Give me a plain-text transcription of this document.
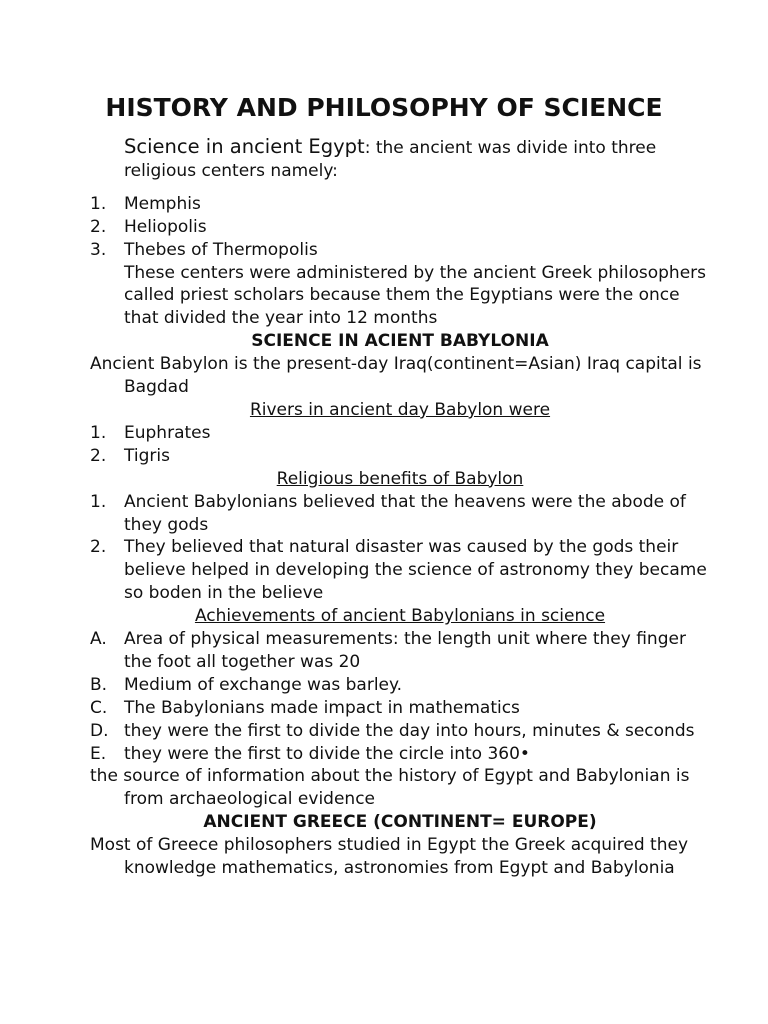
HISTORY AND PHILOSOPHY OF SCIENCE
Science in ancient Egypt: the ancient was divide into three religious centers namely:
1.	Memphis
2.	Heliopolis
3.	Thebes of Thermopolis
These centers were administered by the ancient Greek philosophers called priest scholars because them the Egyptians were the once that divided the year into 12 months
SCIENCE IN ACIENT BABYLONIA
Ancient Babylon is the present-day Iraq(continent=Asian) Iraq capital is Bagdad
Rivers in ancient day Babylon were
1.	Euphrates
2.	Tigris
Religious benefits of Babylon
1.	Ancient Babylonians believed that the heavens were the abode of they gods
2.	They believed that natural disaster was caused by the gods their believe helped in developing the science of astronomy they became so boden in the believe
Achievements of ancient Babylonians in science
A.	Area of physical measurements: the length unit where they finger the foot all together was 20
B. Medium of exchange was barley.
C. The Babylonians made impact in mathematics
D. they were the first to divide the day into hours, minutes & seconds
E.	they were the first to divide the circle into 360•
the source of information about the history of Egypt and Babylonian is from archaeological evidence
ANCIENT GREECE (CONTINENT= EUROPE)
Most of Greece philosophers studied in Egypt the Greek acquired they knowledge mathematics, astronomies from Egypt and Babylonia
